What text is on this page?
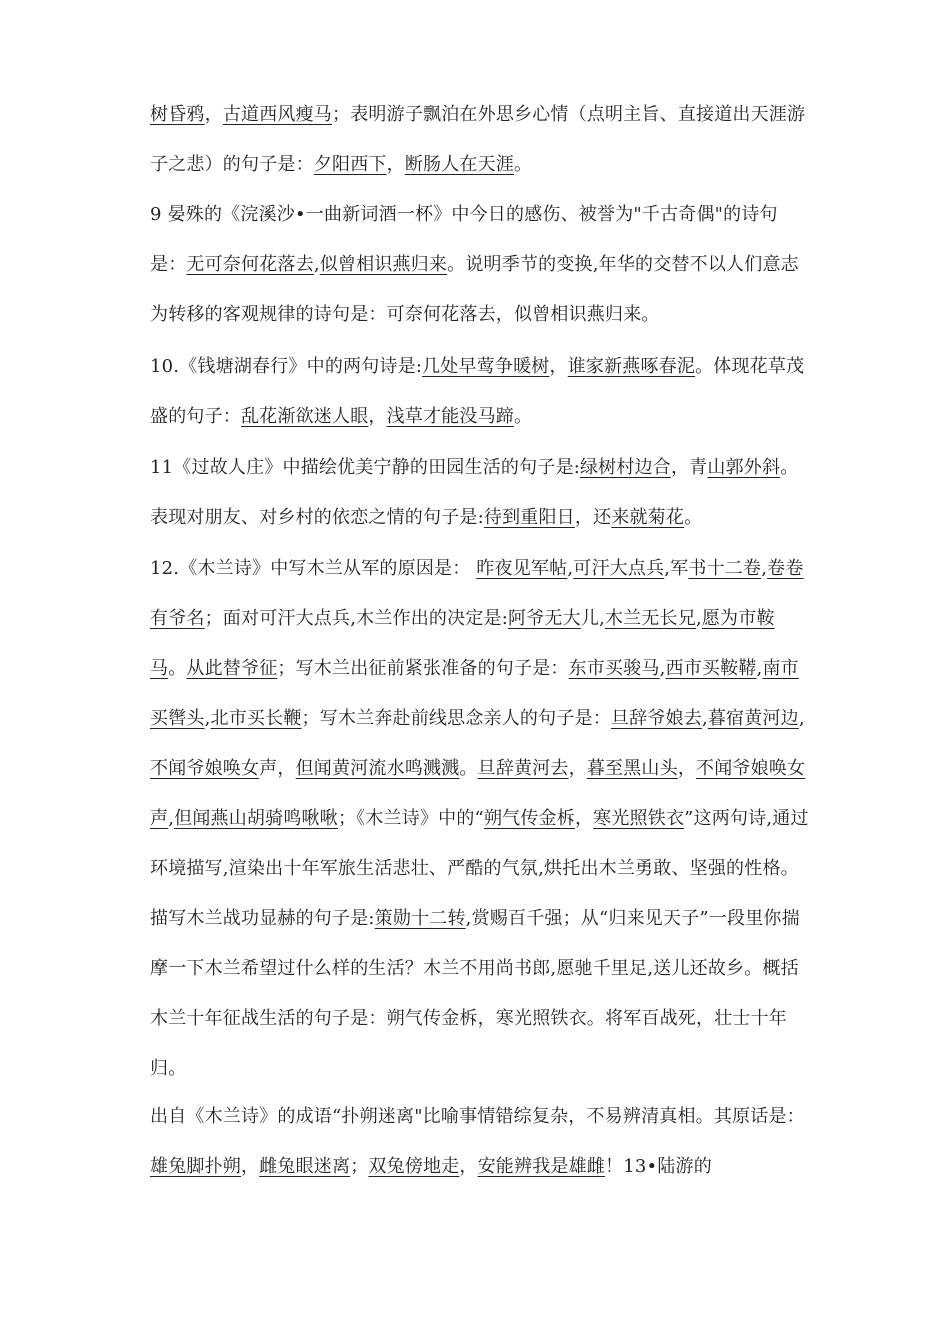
树昏鸦，古道西风瘦马；表明游子飘泊在外思乡心情（点明主旨、直接道出天涯游子之悲）的句子是：夕阳西下，断肠人在天涯。
9 晏殊的《浣溪沙•一曲新词酒一杯》中今日的感伤、被誉为"千古奇偶"的诗句是：无可奈何花落去,似曾相识燕归来。说明季节的变换,年华的交替不以人们意志为转移的客观规律的诗句是：可奈何花落去，似曾相识燕归来。
10.《钱塘湖春行》中的两句诗是:几处早莺争暖树，谁家新燕啄春泥。体现花草茂盛的句子：乱花渐欲迷人眼，浅草才能没马蹄。
11《过故人庄》中描绘优美宁静的田园生活的句子是:绿树村边合，青山郭外斜。表现对朋友、对乡村的依恋之情的句子是:待到重阳日，还来就菊花。
12.《木兰诗》中写木兰从军的原因是： 昨夜见军帖,可汗大点兵,军书十二卷,卷卷有爷名；面对可汗大点兵,木兰作出的决定是:阿爷无大儿,木兰无长兄,愿为市鞍马。从此替爷征；写木兰出征前紧张准备的句子是：东市买骏马,西市买鞍鞯,南市买辔头,北市买长鞭；写木兰奔赴前线思念亲人的句子是：旦辞爷娘去,暮宿黄河边,不闻爷娘唤女声，但闻黄河流水鸣溅溅。旦辞黄河去，暮至黑山头，不闻爷娘唤女声,但闻燕山胡骑鸣啾啾；《木兰诗》中的“朔气传金柝，寒光照铁衣”这两句诗,通过环境描写,渲染出十年军旅生活悲壮、严酷的气氛,烘托出木兰勇敢、坚强的性格。描写木兰战功显赫的句子是:策勋十二转,赏赐百千强；从“归来见天子”一段里你揣摩一下木兰希望过什么样的生活？木兰不用尚书郎,愿驰千里足,送儿还故乡。概括木兰十年征战生活的句子是：朔气传金柝，寒光照铁衣。将军百战死，壮士十年归。
出自《木兰诗》的成语“扑朔迷离"比喻事情错综复杂，不易辨清真相。其原话是：雄兔脚扑朔，雌兔眼迷离；双兔傍地走，安能辨我是雄雌！13•陆游的
